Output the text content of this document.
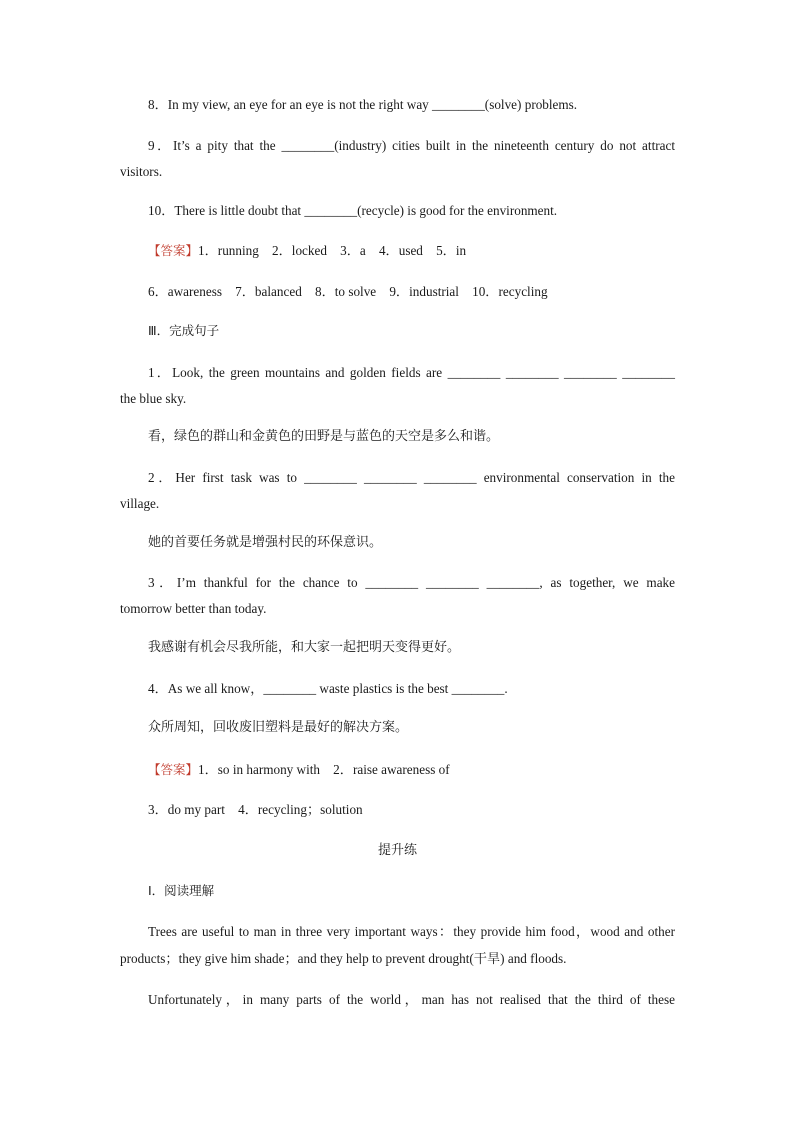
8．In my view, an eye for an eye is not the right way ________(solve) problems.
9．It’s a pity that the ________(industry) cities built in the nineteenth century do not attract
visitors.
10．There is little doubt that ________(recycle) is good for the environment.
【答案】1．running　2．locked　3．a　4．used　5．in
6．awareness　7．balanced　8．to solve　9．industrial　10．recycling
Ⅲ．完成句子
1．Look, the green mountains and golden fields are ________ ________ ________ ________
the blue sky.
看，绿色的群山和金黄色的田野是与蓝色的天空是多么和谐。
2．Her first task was to ________ ________ ________ environmental conservation in the
village.
她的首要任务就是增强村民的环保意识。
3．I’m thankful for the chance to ________ ________ ________, as together, we make
tomorrow better than today.
我感谢有机会尽我所能，和大家一起把明天变得更好。
4．As we all know，________ waste plastics is the best ________.
众所周知，回收废旧塑料是最好的解决方案。
【答案】1．so in harmony with　2．raise awareness of
3．do my part　4．recycling；solution
提升练
Ⅰ．阅读理解
Trees are useful to man in three very important ways：they provide him food，wood and other
products；they give him shade；and they help to prevent drought(干旱) and floods.
Unfortunately，in many parts of the world，man has not realised that the third of these
